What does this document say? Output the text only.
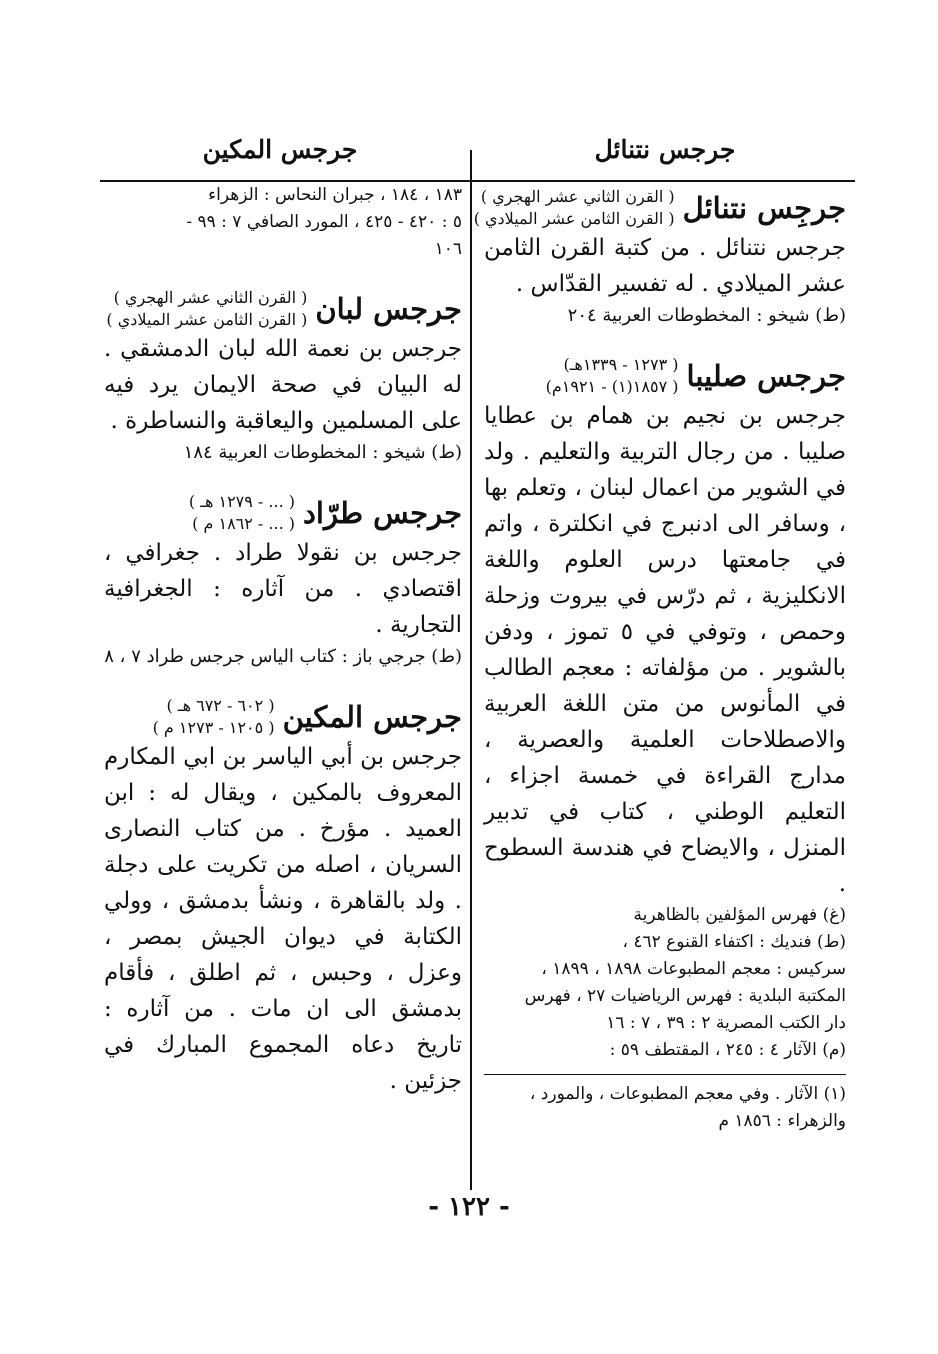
جرجس نتنائل
جرجس المكين
جرجِس نتنائل
( القرن الثاني عشر الهجري )
( القرن الثامن عشر الميلادي )
جرجس نتنائل . من كتبة القرن الثامن عشر الميلادي . له تفسير القدّاس .
(ط) شيخو : المخطوطات العربية ٢٠٤
جرجس صليبا
( ١٢٧٣ - ١٣٣٩هـ)
( ١٨٥٧(١) - ١٩٢١م)
جرجس بن نجيم بن همام بن عطايا صليبا . من رجال التربية والتعليم . ولد في الشوير من اعمال لبنان ، وتعلم بها ، وسافر الى ادنبرج في انكلترة ، واتم في جامعتها درس العلوم واللغة الانكليزية ، ثم درّس في بيروت وزحلة وحمص ، وتوفي في ٥ تموز ، ودفن بالشوير . من مؤلفاته : معجم الطالب في المأنوس من متن اللغة العربية والاصطلاحات العلمية والعصرية ، مدارج القراءة في خمسة اجزاء ، التعليم الوطني ، كتاب في تدبير المنزل ، والايضاح في هندسة السطوح .
(غ) فهرس المؤلفين بالظاهرية
(ط) فنديك : اكتفاء القنوع ٤٦٢ ،
سركيس : معجم المطبوعات ١٨٩٨ ، ١٨٩٩ ،
المكتبة البلدية : فهرس الرياضيات ٢٧ ، فهرس
دار الكتب المصرية ٢ : ٣٩ ، ٧ : ١٦
(م) الآثار ٤ : ٢٤٥ ، المقتطف ٥٩ :
(١) الآثار . وفي معجم المطبوعات ، والمورد ،
والزهراء : ١٨٥٦ م
١٨٣ ، ١٨٤ ، جبران النحاس : الزهراء
٥ : ٤٢٠ - ٤٢٥ ، المورد الصافي ٧ : ٩٩ -
١٠٦
جرجس لبان
( القرن الثاني عشر الهجري )
( القرن الثامن عشر الميلادي )
جرجس بن نعمة الله لبان الدمشقي . له البيان في صحة الايمان يرد فيه على المسلمين واليعاقبة والنساطرة .
(ط) شيخو : المخطوطات العربية ١٨٤
جرجس طرّاد
( ... - ١٢٧٩ هـ )
( ... - ١٨٦٢ م )
جرجس بن نقولا طراد . جغرافي ، اقتصادي . من آثاره : الجغرافية التجارية .
(ط) جرجي باز : كتاب الياس جرجس طراد ٧ ، ٨
جرجس المكين
( ٦٠٢ - ٦٧٢ هـ )
( ١٢٠٥ - ١٢٧٣ م )
جرجس بن أبي الياسر بن ابي المكارم المعروف بالمكين ، ويقال له : ابن العميد . مؤرخ . من كتاب النصارى السريان ، اصله من تكريت على دجلة . ولد بالقاهرة ، ونشأ بدمشق ، وولي الكتابة في ديوان الجيش بمصر ، وعزل ، وحبس ، ثم اطلق ، فأقام بدمشق الى ان مات . من آثاره : تاريخ دعاه المجموع المبارك في جزئين .
- ١٢٢ -
